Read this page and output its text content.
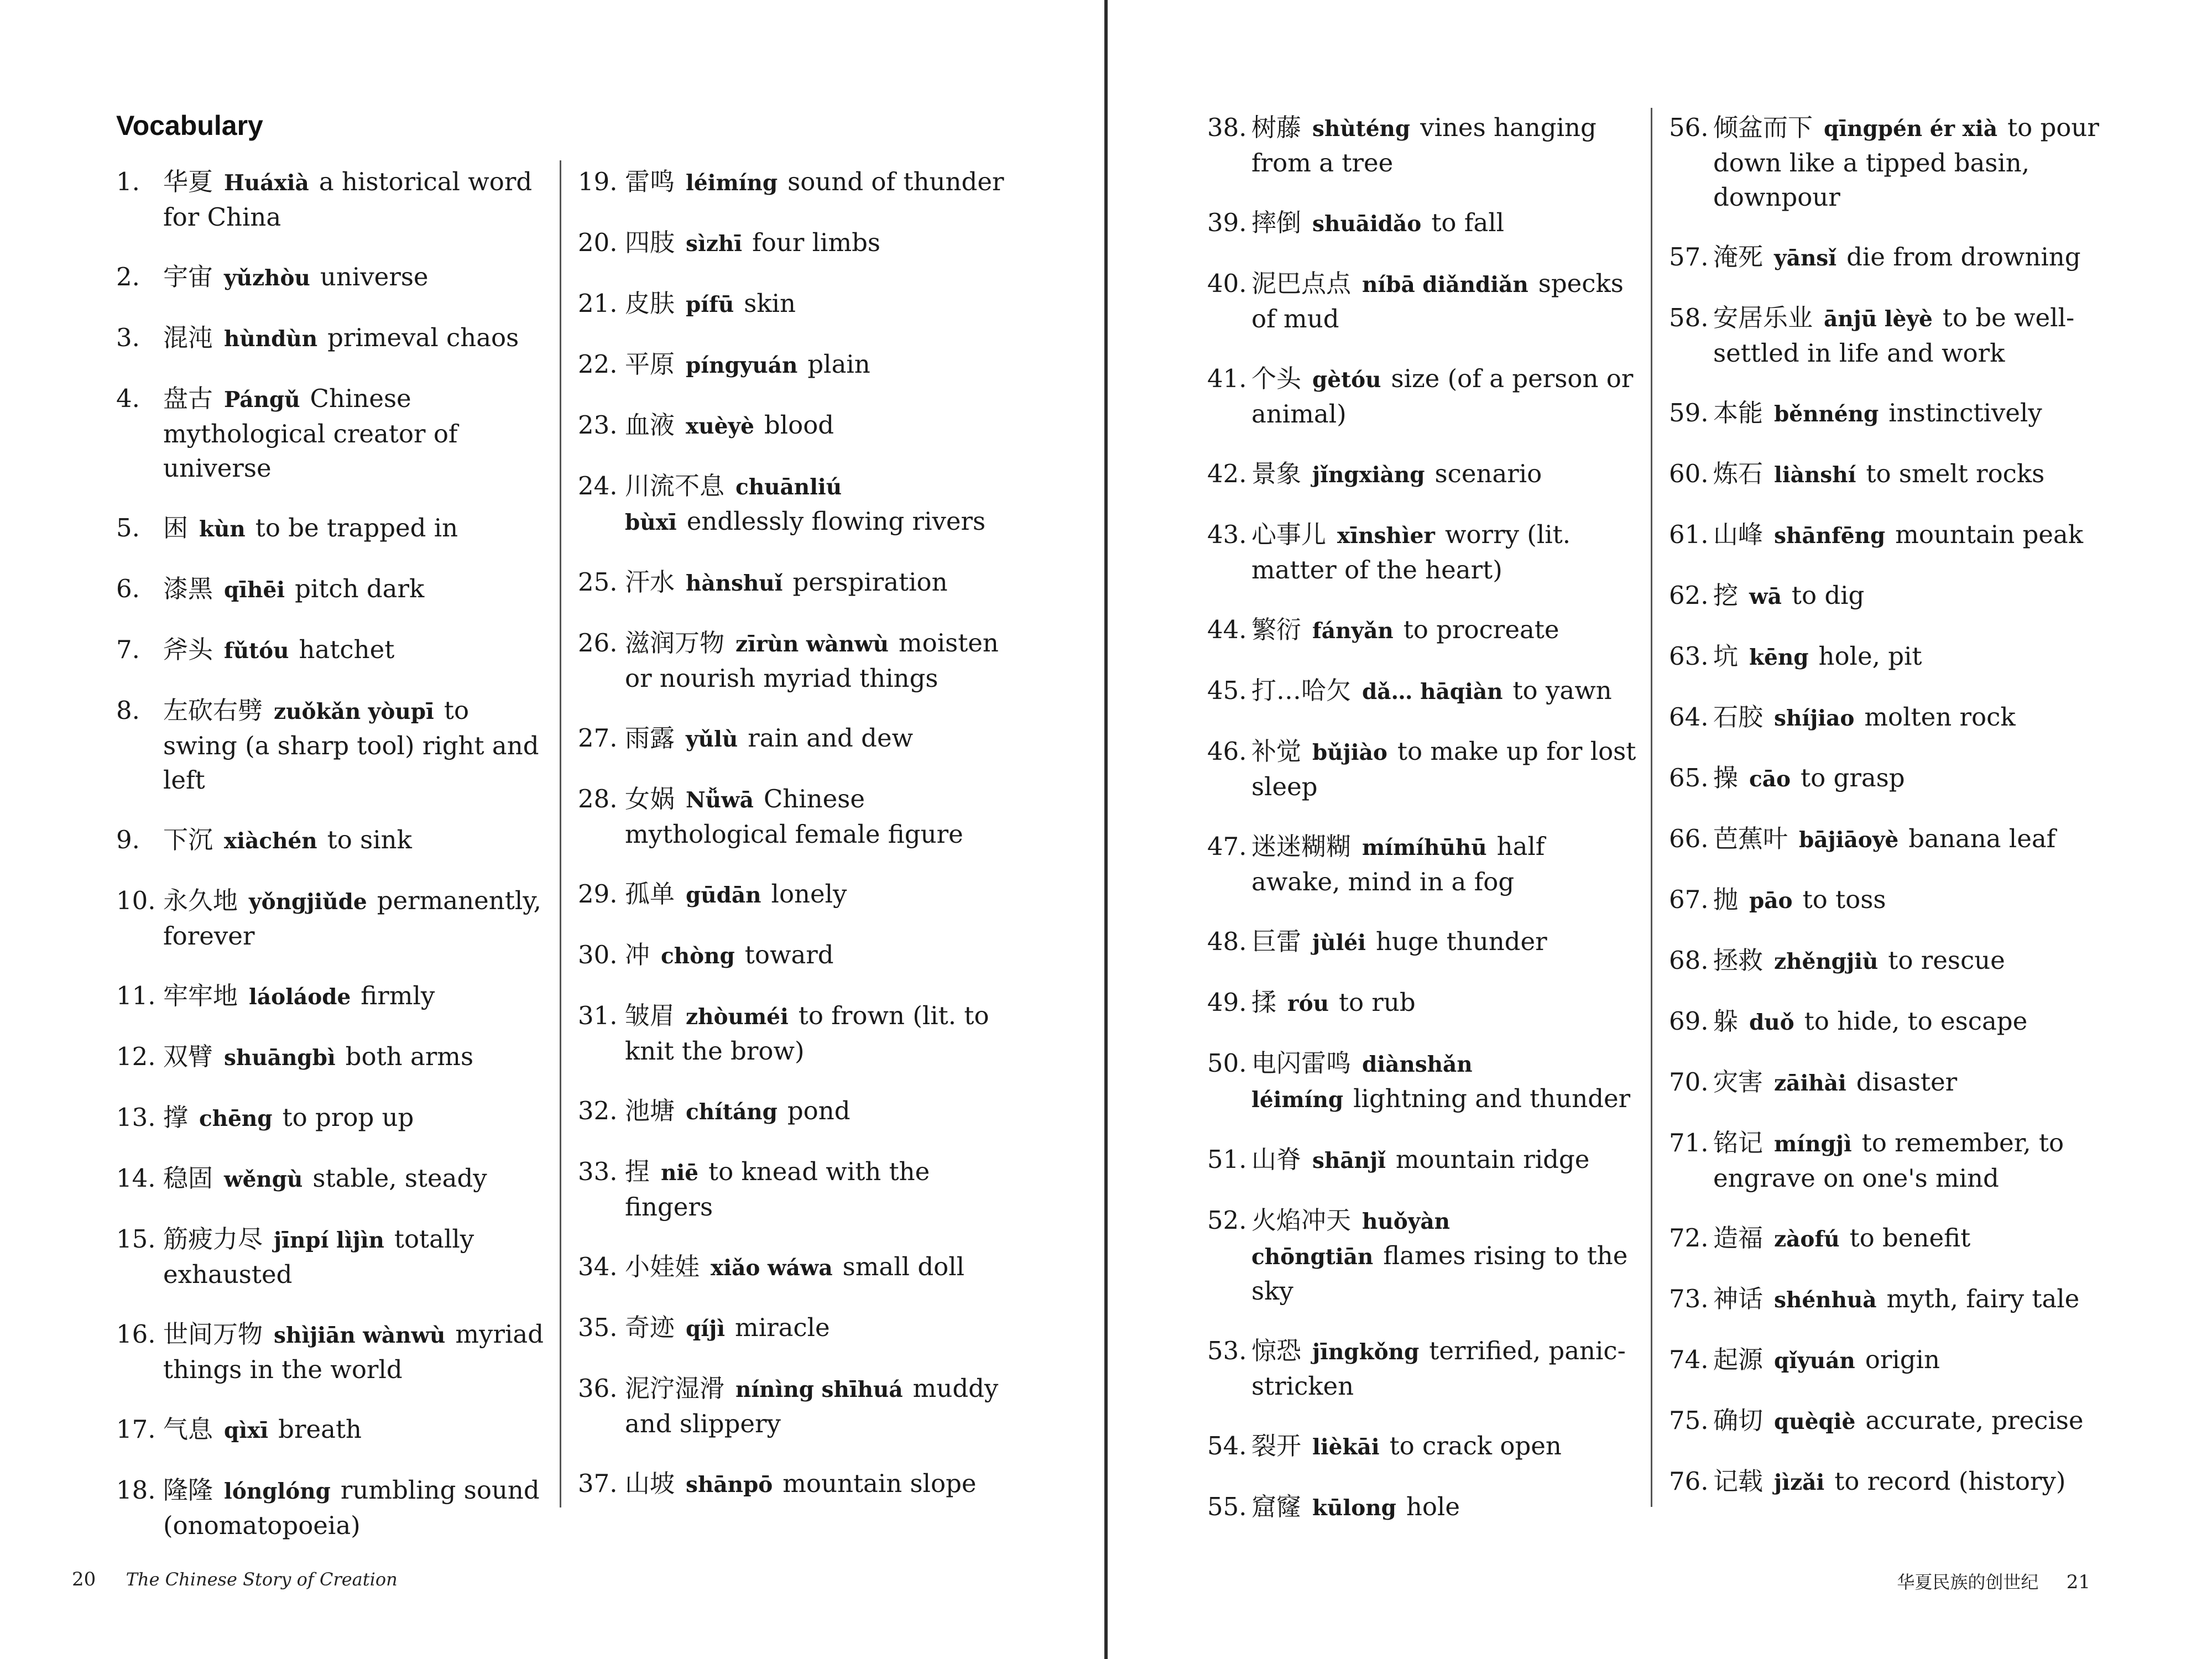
Vocabulary
1. 华夏 Huáxià a historical word for China
2. 宇宙 yǔzhòu universe
3. 混沌 hùndùn primeval chaos
4. 盘古 Pángǔ Chinese mythological creator of universe
5. 困 kùn to be trapped in
6. 漆黑 qīhēi pitch dark
7. 斧头 fǔtóu hatchet
8. 左砍右劈 zuǒkǎn yòupī to swing (a sharp tool) right and left
9. 下沉 xiàchén to sink
10. 永久地 yǒngjiǔde permanently, forever
11. 牢牢地 láoláode firmly
12. 双臂 shuāngbì both arms
13. 撑 chēng to prop up
14. 稳固 wěngù stable, steady
15. 筋疲力尽 jīnpí lìjìn totally exhausted
16. 世间万物 shìjiān wànwù myriad things in the world
17. 气息 qìxī breath
18. 隆隆 lónglóng rumbling sound (onomatopoeia)
19. 雷鸣 léimíng sound of thunder
20. 四肢 sìzhī four limbs
21. 皮肤 pífū skin
22. 平原 píngyuán plain
23. 血液 xuèyè blood
24. 川流不息 chuānliú bùxī endlessly flowing rivers
25. 汗水 hànshuǐ perspiration
26. 滋润万物 zīrùn wànwù moisten or nourish myriad things
27. 雨露 yǔlù rain and dew
28. 女娲 Nǚwā Chinese mythological female figure
29. 孤单 gūdān lonely
30. 冲 chòng toward
31. 皱眉 zhòuméi to frown (lit. to knit the brow)
32. 池塘 chítáng pond
33. 捏 niē to knead with the fingers
34. 小娃娃 xiǎo wáwa small doll
35. 奇迹 qíjì miracle
36. 泥泞湿滑 nínìng shīhuá muddy and slippery
37. 山坡 shānpō mountain slope
20 The Chinese Story of Creation
38. 树藤 shùténg vines hanging from a tree
39. 摔倒 shuāidǎo to fall
40. 泥巴点点 níbā diǎndiǎn specks of mud
41. 个头 gètóu size (of a person or animal)
42. 景象 jǐngxiàng scenario
43. 心事儿 xīnshìer worry (lit. matter of the heart)
44. 繁衍 fányǎn to procreate
45. 打…哈欠 dǎ… hāqiàn to yawn
46. 补觉 bǔjiào to make up for lost sleep
47. 迷迷糊糊 mímíhūhū half awake, mind in a fog
48. 巨雷 jùléi huge thunder
49. 揉 róu to rub
50. 电闪雷鸣 diànshǎn léimíng lightning and thunder
51. 山脊 shānjǐ mountain ridge
52. 火焰冲天 huǒyàn chōngtiān flames rising to the sky
53. 惊恐 jīngkǒng terrified, panic-stricken
54. 裂开 lièkāi to crack open
55. 窟窿 kūlong hole
56. 倾盆而下 qīngpén ér xià to pour down like a tipped basin, downpour
57. 淹死 yānsǐ die from drowning
58. 安居乐业 ānjū lèyè to be well-settled in life and work
59. 本能 běnnéng instinctively
60. 炼石 liànshí to smelt rocks
61. 山峰 shānfēng mountain peak
62. 挖 wā to dig
63. 坑 kēng hole, pit
64. 石胶 shíjiao molten rock
65. 操 cāo to grasp
66. 芭蕉叶 bājiāoyè banana leaf
67. 抛 pāo to toss
68. 拯救 zhěngjiù to rescue
69. 躲 duǒ to hide, to escape
70. 灾害 zāihài disaster
71. 铭记 míngjì to remember, to engrave on one's mind
72. 造福 zàofú to benefit
73. 神话 shénhuà myth, fairy tale
74. 起源 qǐyuán origin
75. 确切 quèqiè accurate, precise
76. 记载 jìzǎi to record (history)
华夏民族的创世纪 21
